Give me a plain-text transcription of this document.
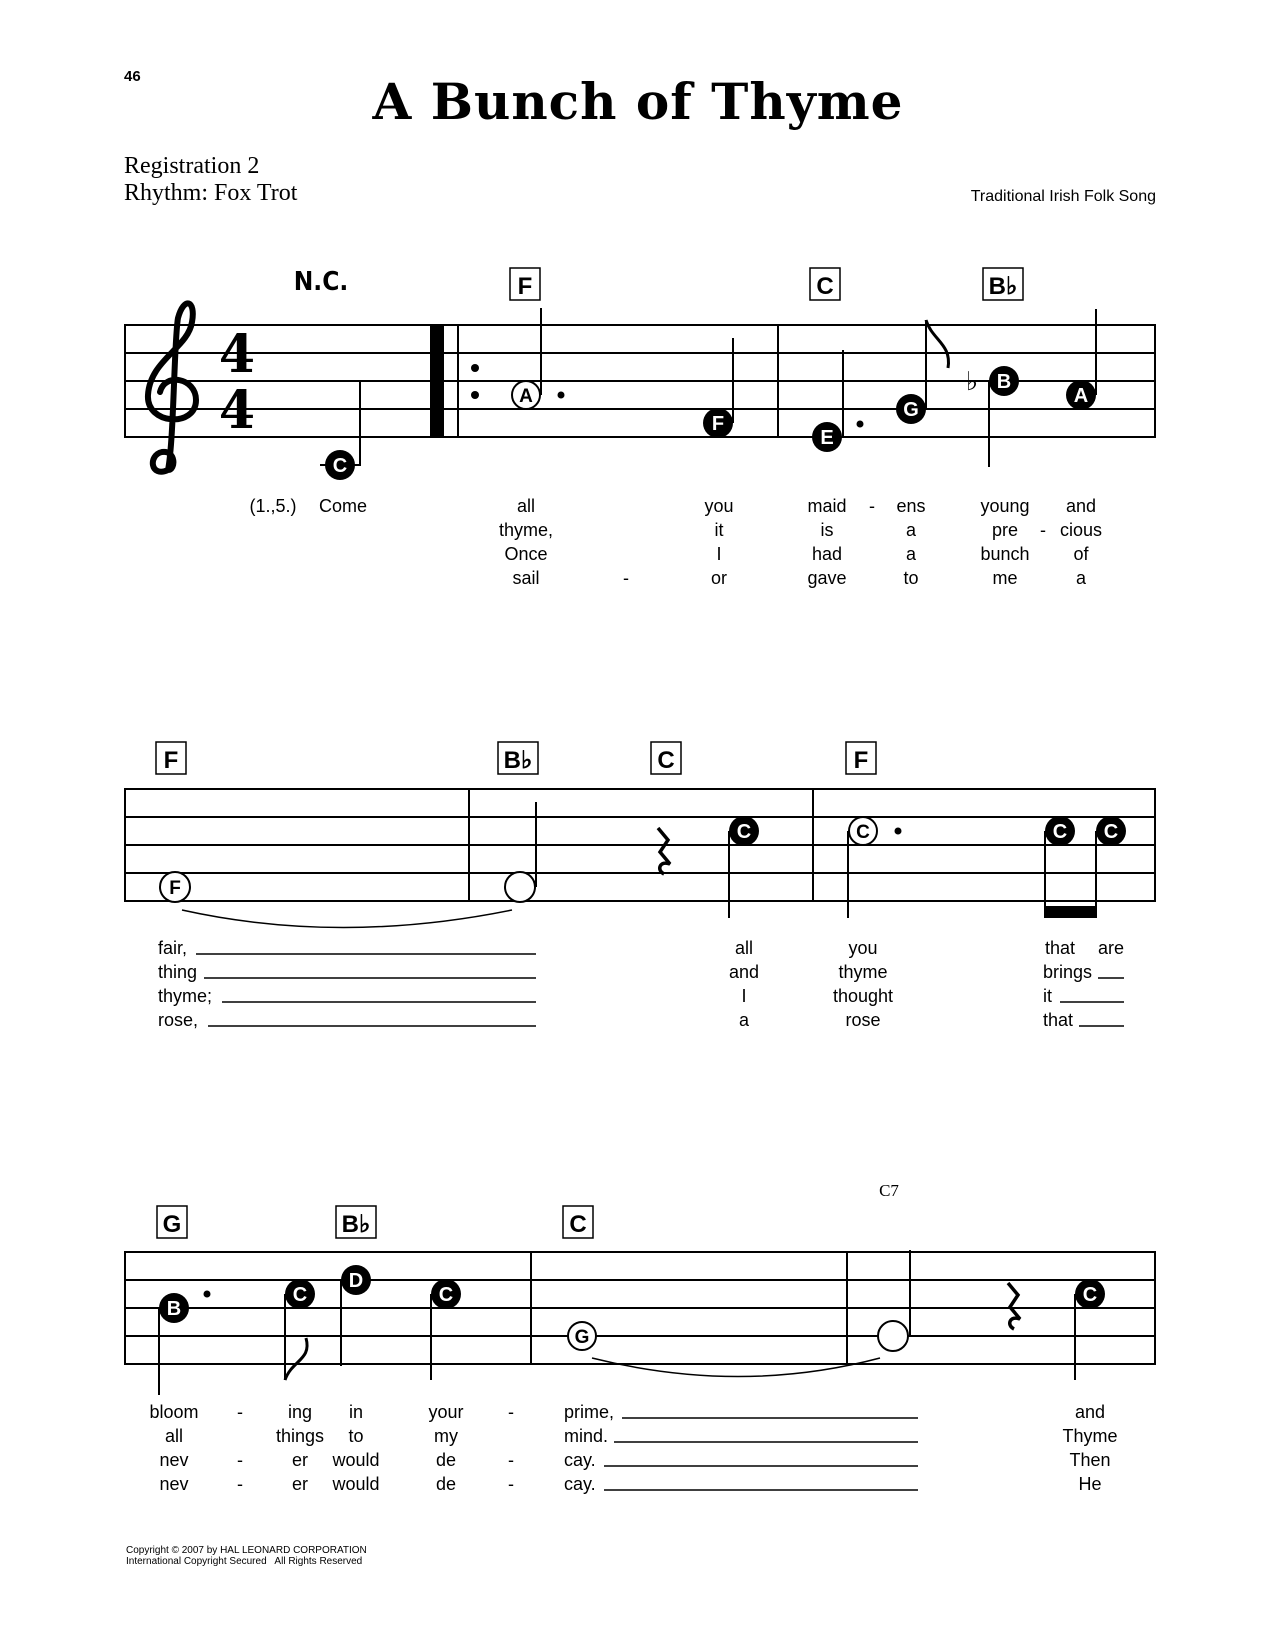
46	A Bunch of Thyme
Registration 2
Rhythm: Fox Trot	Traditional Irish Folk Song
4
4
N.C.	F	C	B♭
C
A
F
E
G
♭ B
A
(1.,5.) Come	all	you	maid - ens	young and
thyme,	it	is	a	pre - cious
Once	I	had	a	bunch of
sail	-	or	gave	to	me	a
F	B♭	C	F
F
C	C	C C
fair,	all	you	that are
thing	and	thyme	brings
thyme;	I	thought	it
rose,	a	rose	that
G	B♭	C
C7
B
C
D
C
G
C
bloom - ing in	your -	prime,	and
all	things to	my	mind.	Thyme
nev	-	er would	de	-	cay.	Then
nev	-	er would	de	-	cay.	He
Copyright © 2007 by HAL LEONARD CORPORATION
International Copyright Secured   All Rights Reserved
